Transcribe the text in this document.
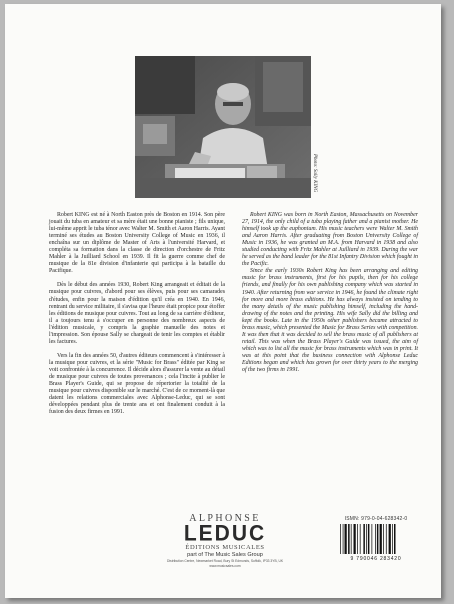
Photo: Sally KING

Robert KING est né à North Easton près de Boston en 1914. Son père jouait du tuba en amateur et sa mère était une bonne pianiste ; fils unique, lui-même apprit le tuba ténor avec Walter M. Smith et Aaron Harris. Ayant terminé ses études au Boston University College of Music en 1936, il enchaîna sur un diplôme de Master of Arts à l'université Harvard, et compléta sa formation dans la classe de direction d'orchestre de Fritz Mahler à la Juilliard School en 1939. Il fit la guerre comme chef de musique de la 81e division d'infanterie qui participa à la bataille du Pacifique.

Dès le début des années 1930, Robert King arrangeait et éditait de la musique pour cuivres, d'abord pour ses élèves, puis pour ses camarades d'études, enfin pour la maison d'édition qu'il créa en 1940. En 1946, rentrant du service militaire, il s'avisa que l'heure était propice pour étoffer les éditions de musique pour cuivres. Tout au long de sa carrière d'éditeur, il a toujours tenu à s'occuper en personne des nombreux aspects de l'édition musicale, y compris la graphie manuelle des notes et l'impression. Son épouse Sally se chargeait de tenir les comptes et établir les factures.

Vers la fin des années 50, d'autres éditeurs commencent à s'intéresser à la musique pour cuivres, et la série "Music for Brass" éditée par King se voit confrontée à la concurrence. Il décide alors d'assurer la vente au détail de musique pour cuivres de toutes provenances ; cela l'incite à publier le Brass Player's Guide, qui se propose de répertorier la totalité de la musique pour cuivres disponible sur le marché. C'est de ce moment-là que datent les relations commerciales avec Alphonse-Leduc, qui se sont développées pendant plus de trente ans et ont finalement conduit à la fusion des deux firmes en 1991.

Robert KING was born in North Easton, Massachusetts on November 27, 1914, the only child of a tuba playing father and a pianist mother. He himself took up the euphonium. His music teachers were Walter M. Smith and Aaron Harris. After graduating from Boston University College of Music in 1936, he was granted an M.A. from Harvard in 1938 and also studied conducting with Fritz Mahler at Juilliard in 1939. During the war he served as the band leader for the 81st Infantry Division which fought in the Pacific.

Since the early 1930s Robert King has been arranging and editing music for brass instruments, first for his pupils, then for his college friends, and finally for his own publishing company which was started in 1940. After returning from war service in 1946, he found the climate right for more and more brass editions. He has always insisted on tending to the many details of the music publishing himself, including the hand-drawing of the notes and the printing. His wife Sally did the billing and kept the books. Late in the 1950s other publishers became attracted to brass music, which presented the Music for Brass Series with competition. It was then that it was decided to sell the brass music of all publishers at retail. This was when the Brass Player's Guide was issued, the aim of which was to list all the music for brass instruments which was in print. It was at this point that the business connection with Alphonse Leduc Editions began and which has grown for over thirty years to the merging of the two firms in 1991.

ALPHONSE
LEDUC
ÉDITIONS MUSICALES
part of The Music Sales Group
Distribution Centre, Newmarket Road, Bury St Edmunds, Suffolk, IP33 3YB, UK
www.musicsales.com
ISMN: 979-0-04-628342-0
9 790046 283420
